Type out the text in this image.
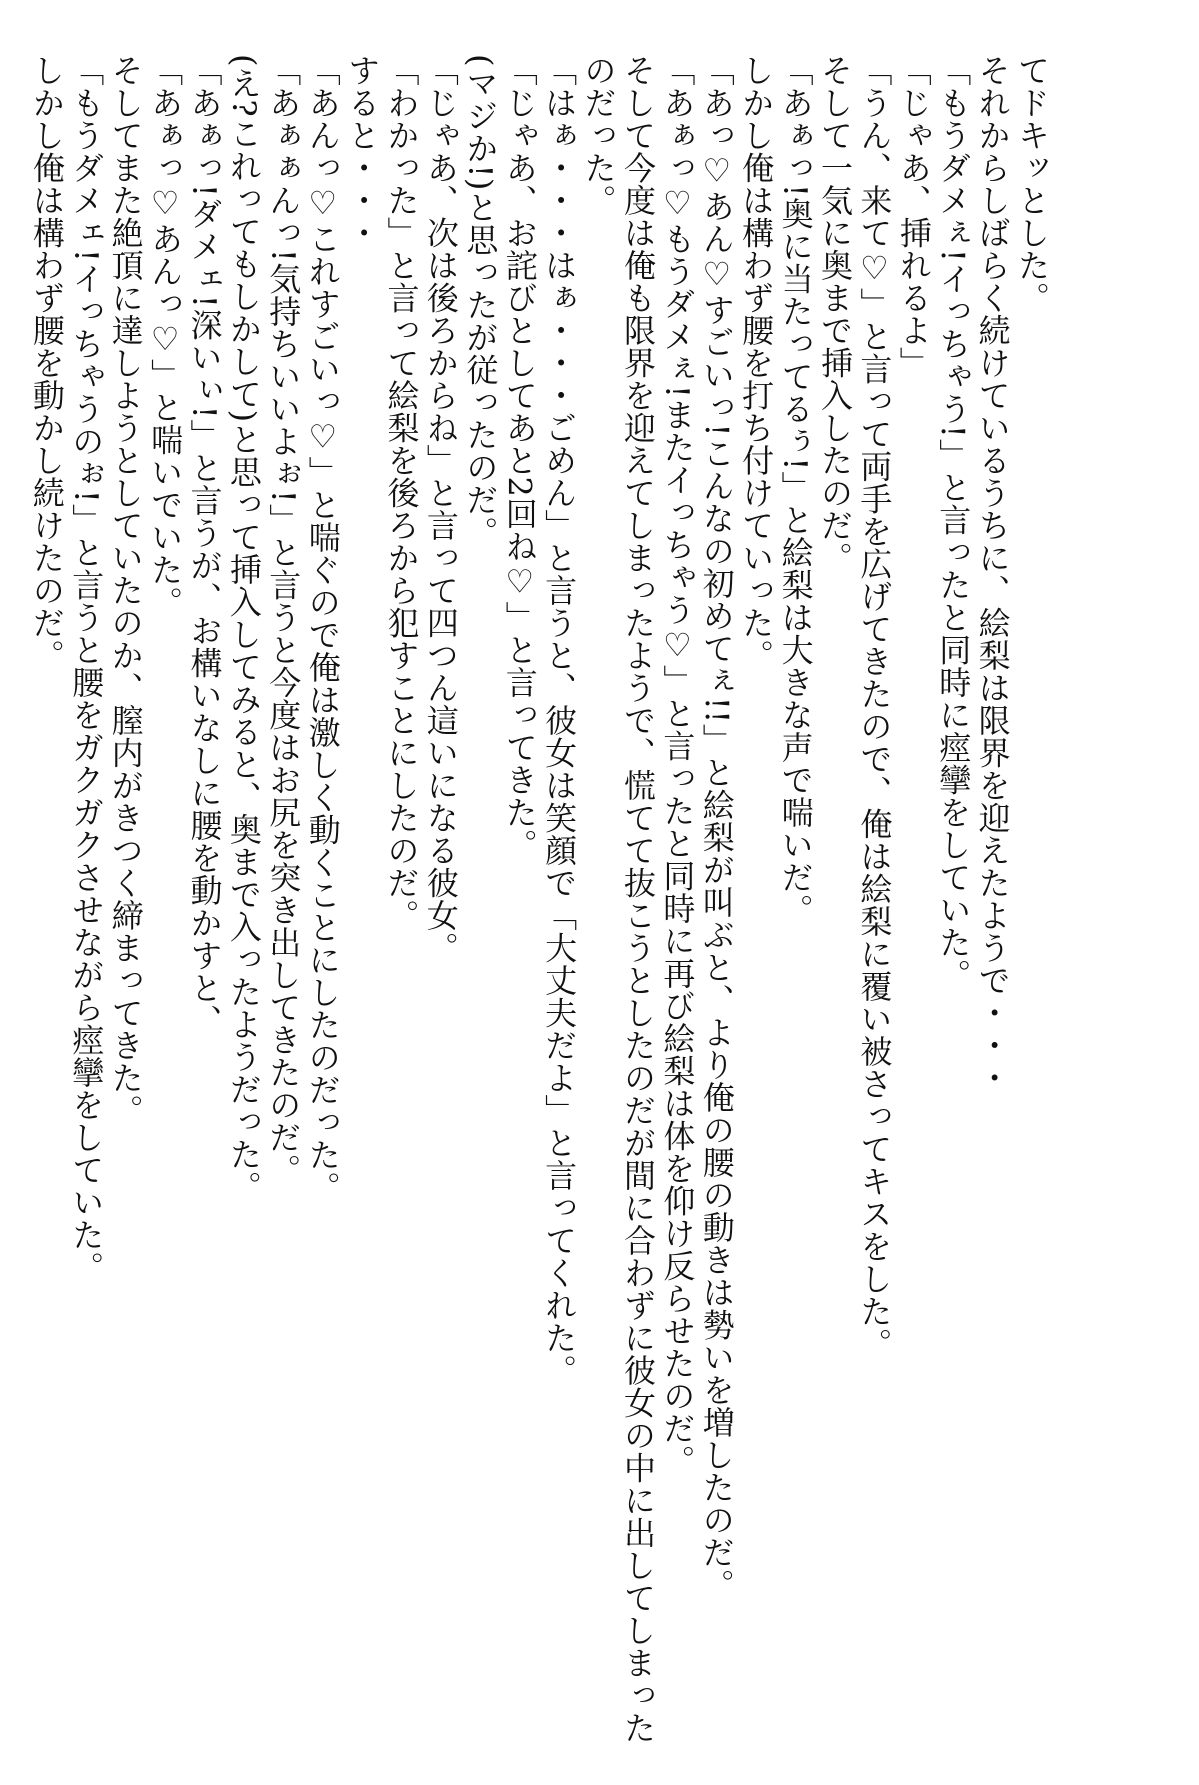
てドキッとした。
それからしばらく続けているうちに、絵梨は限界を迎えたようで・・・
「もうダメぇ!イっちゃう!」と言ったと同時に痙攣をしていた。
「じゃあ、挿れるよ」
「うん、来て♡」と言って両手を広げてきたので、俺は絵梨に覆い被さってキスをした。
そして一気に奥まで挿入したのだ。
「あぁっ!奥に当たってるぅ!」と絵梨は大きな声で喘いだ。
しかし俺は構わず腰を打ち付けていった。
「あっ♡あん♡すごいっ!こんなの初めてぇ!!」と絵梨が叫ぶと、より俺の腰の動きは勢いを増したのだ。
「あぁっ♡もうダメぇ!またイっちゃう♡」と言ったと同時に再び絵梨は体を仰け反らせたのだ。
そして今度は俺も限界を迎えてしまったようで、慌てて抜こうとしたのだが間に合わずに彼女の中に出してしまったのだった。
「はぁ・・・はぁ・・・ごめん」と言うと、彼女は笑顔で「大丈夫だよ」と言ってくれた。
「じゃあ、お詫びとしてあと2回ね♡」と言ってきた。
(マジか!)と思ったが従ったのだ。
「じゃあ、次は後ろからね」と言って四つん這いになる彼女。
「わかった」と言って絵梨を後ろから犯すことにしたのだ。
すると・・・
「あんっ♡これすごいっ♡」と喘ぐので俺は激しく動くことにしたのだった。
「あぁぁんっ!気持ちいいよぉ!」と言うと今度はお尻を突き出してきたのだ。
(え?これってもしかして)と思って挿入してみると、奥まで入ったようだった。
「あぁっ!ダメェ!深いぃ!」と言うが、お構いなしに腰を動かすと、
「あぁっ♡あんっ♡」と喘いでいた。
そしてまた絶頂に達しようとしていたのか、膣内がきつく締まってきた。
「もうダメェ!イっちゃうのぉ!」と言うと腰をガクガクさせながら痙攣をしていた。
しかし俺は構わず腰を動かし続けたのだ。
